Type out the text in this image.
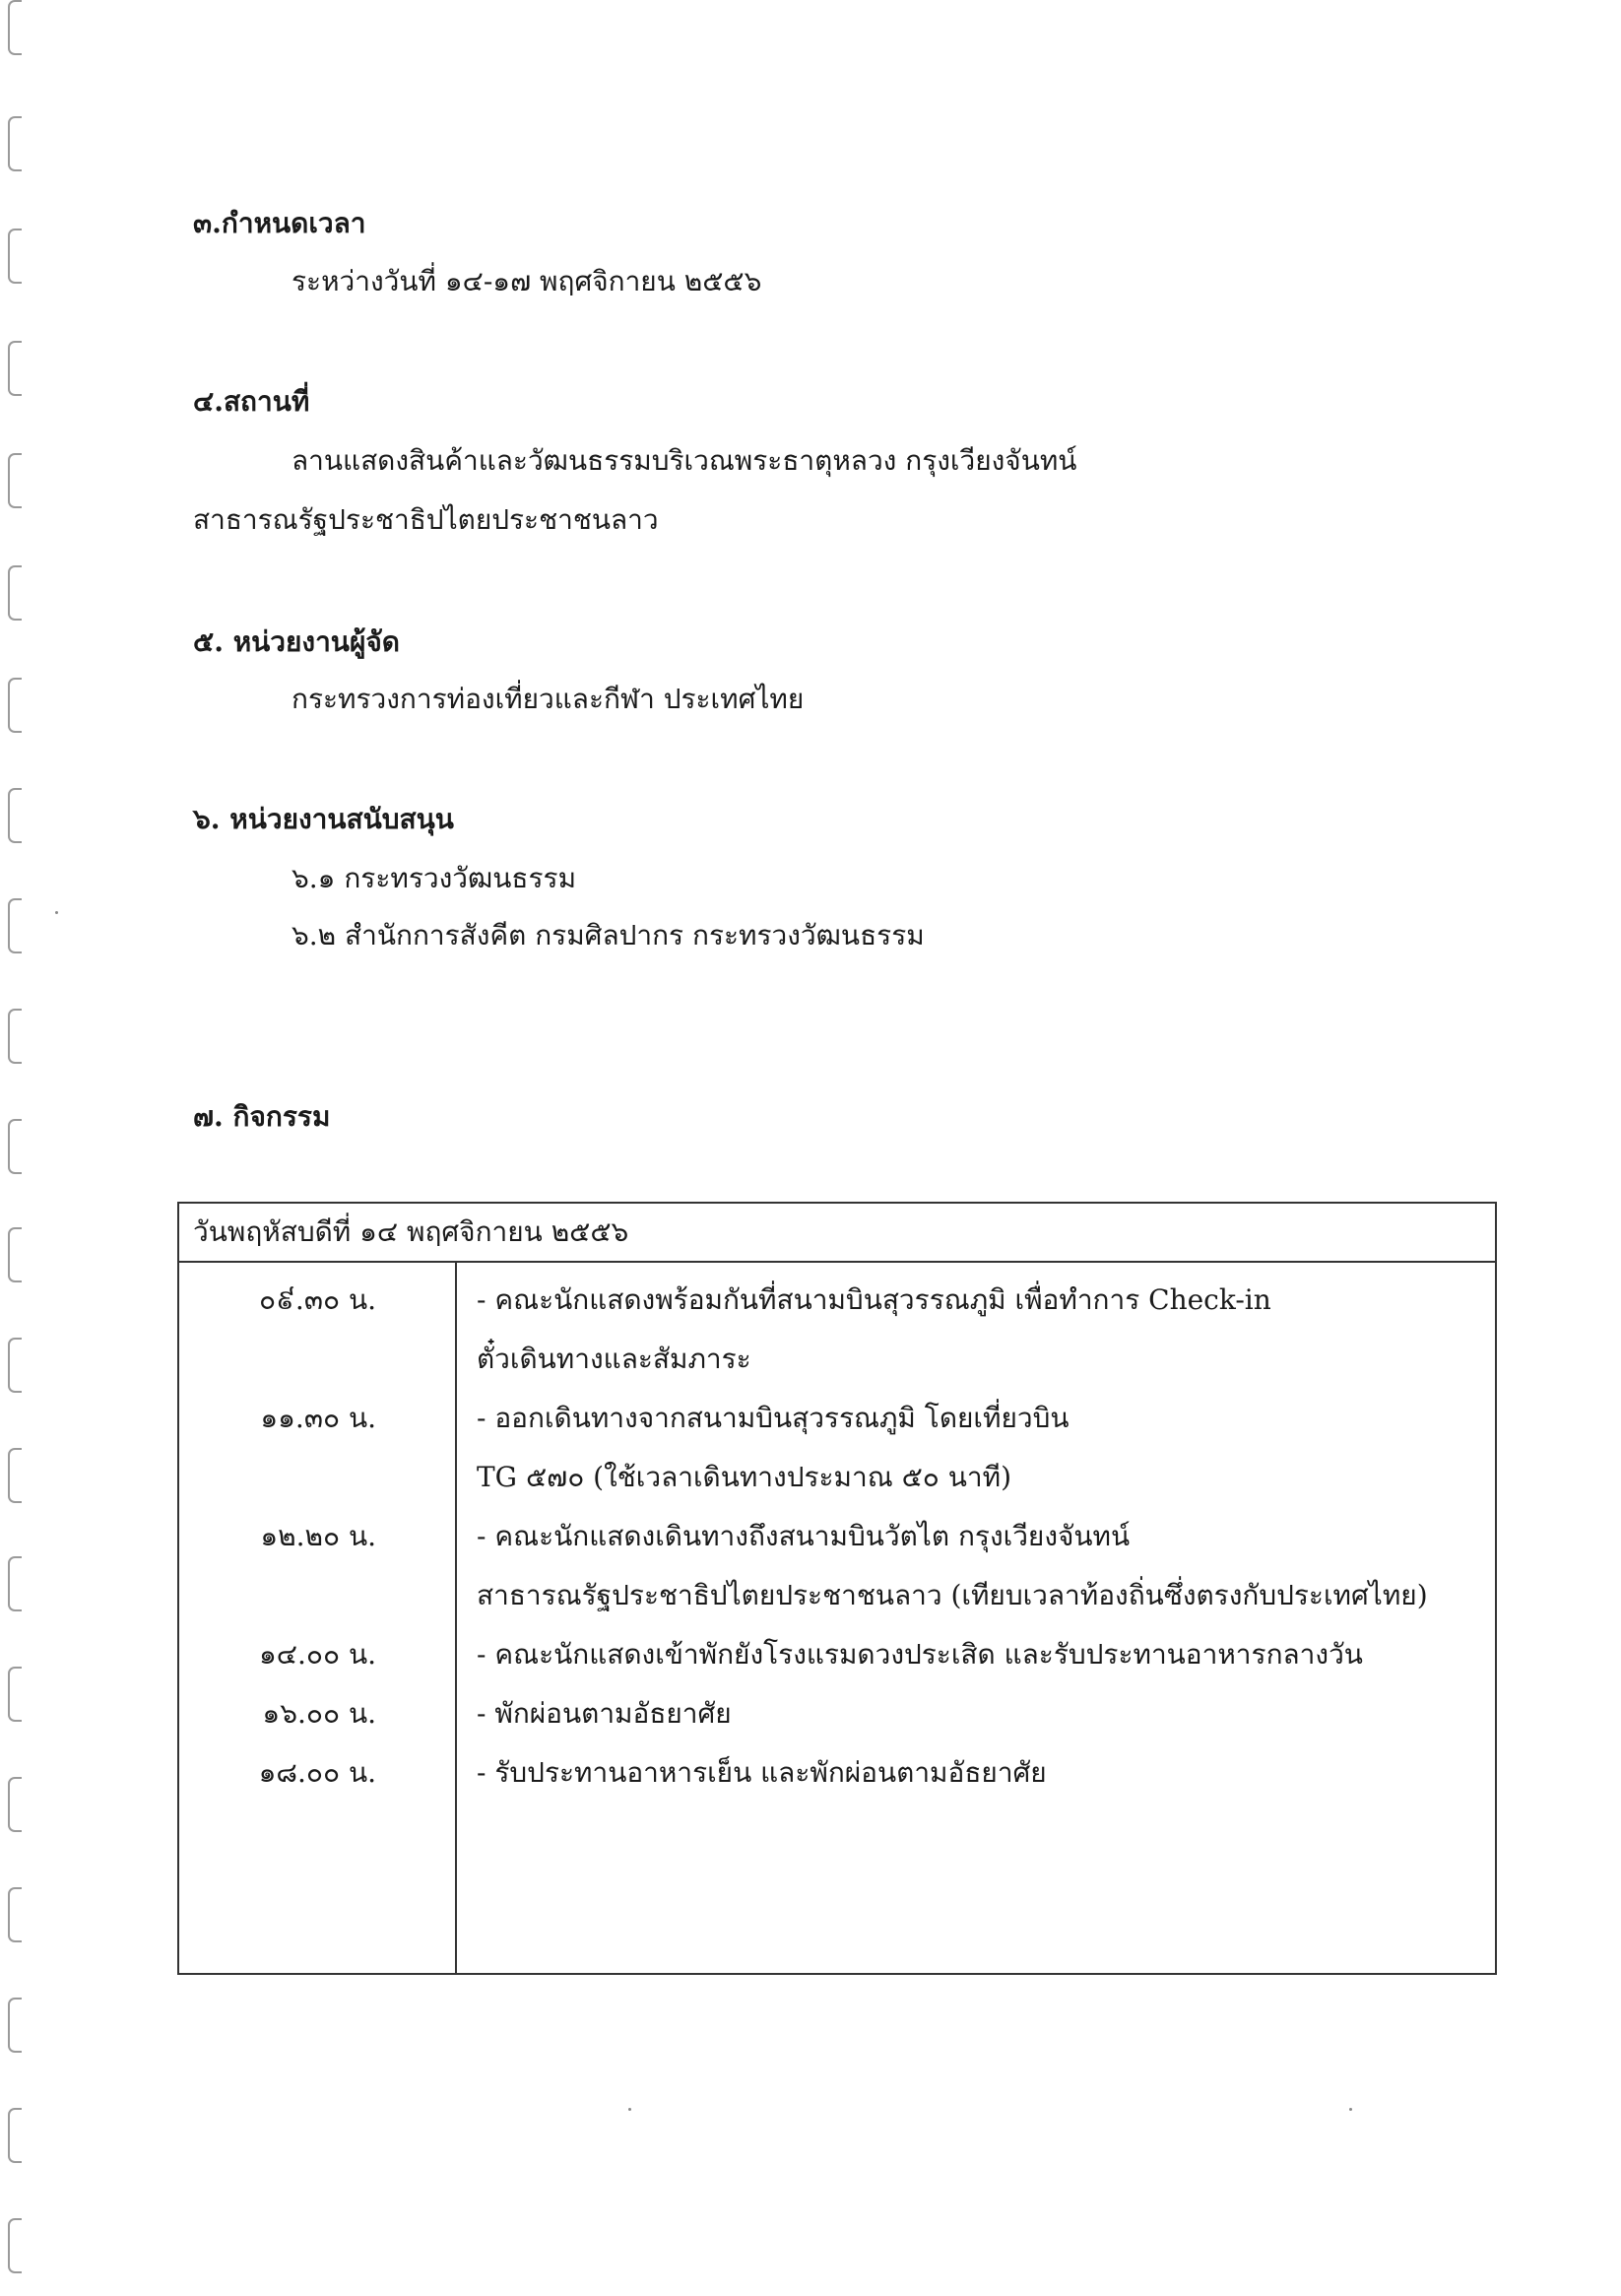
๓.กำหนดเวลา
ระหว่างวันที่ ๑๔-๑๗ พฤศจิกายน ๒๕๕๖
๔.สถานที่
ลานแสดงสินค้าและวัฒนธรรมบริเวณพระธาตุหลวง กรุงเวียงจันทน์
สาธารณรัฐประชาธิปไตยประชาชนลาว
๕. หน่วยงานผู้จัด
กระทรวงการท่องเที่ยวและกีฬา ประเทศไทย
๖. หน่วยงานสนับสนุน
๖.๑ กระทรวงวัฒนธรรม
๖.๒ สำนักการสังคีต กรมศิลปากร กระทรวงวัฒนธรรม
๗. กิจกรรม
วันพฤหัสบดีที่ ๑๔ พฤศจิกายน ๒๕๕๖
๐៩.๓๐ น.	- คณะนักแสดงพร้อมกันที่สนามบินสุวรรณภูมิ เพื่อทำการ Check-in
ตั๋วเดินทางและสัมภาระ
๑๑.๓๐ น.	- ออกเดินทางจากสนามบินสุวรรณภูมิ โดยเที่ยวบิน
TG ๕๗๐ (ใช้เวลาเดินทางประมาณ ๕๐ นาที)
๑๒.๒๐ น.	- คณะนักแสดงเดินทางถึงสนามบินวัตไต กรุงเวียงจันทน์
สาธารณรัฐประชาธิปไตยประชาชนลาว (เทียบเวลาท้องถิ่นซึ่งตรงกับประเทศไทย)
๑๔.๐๐ น.	- คณะนักแสดงเข้าพักยังโรงแรมดวงประเสิด และรับประทานอาหารกลางวัน
๑๖.๐๐ น.	- พักผ่อนตามอัธยาศัย
๑๘.๐๐ น.	- รับประทานอาหารเย็น และพักผ่อนตามอัธยาศัย
